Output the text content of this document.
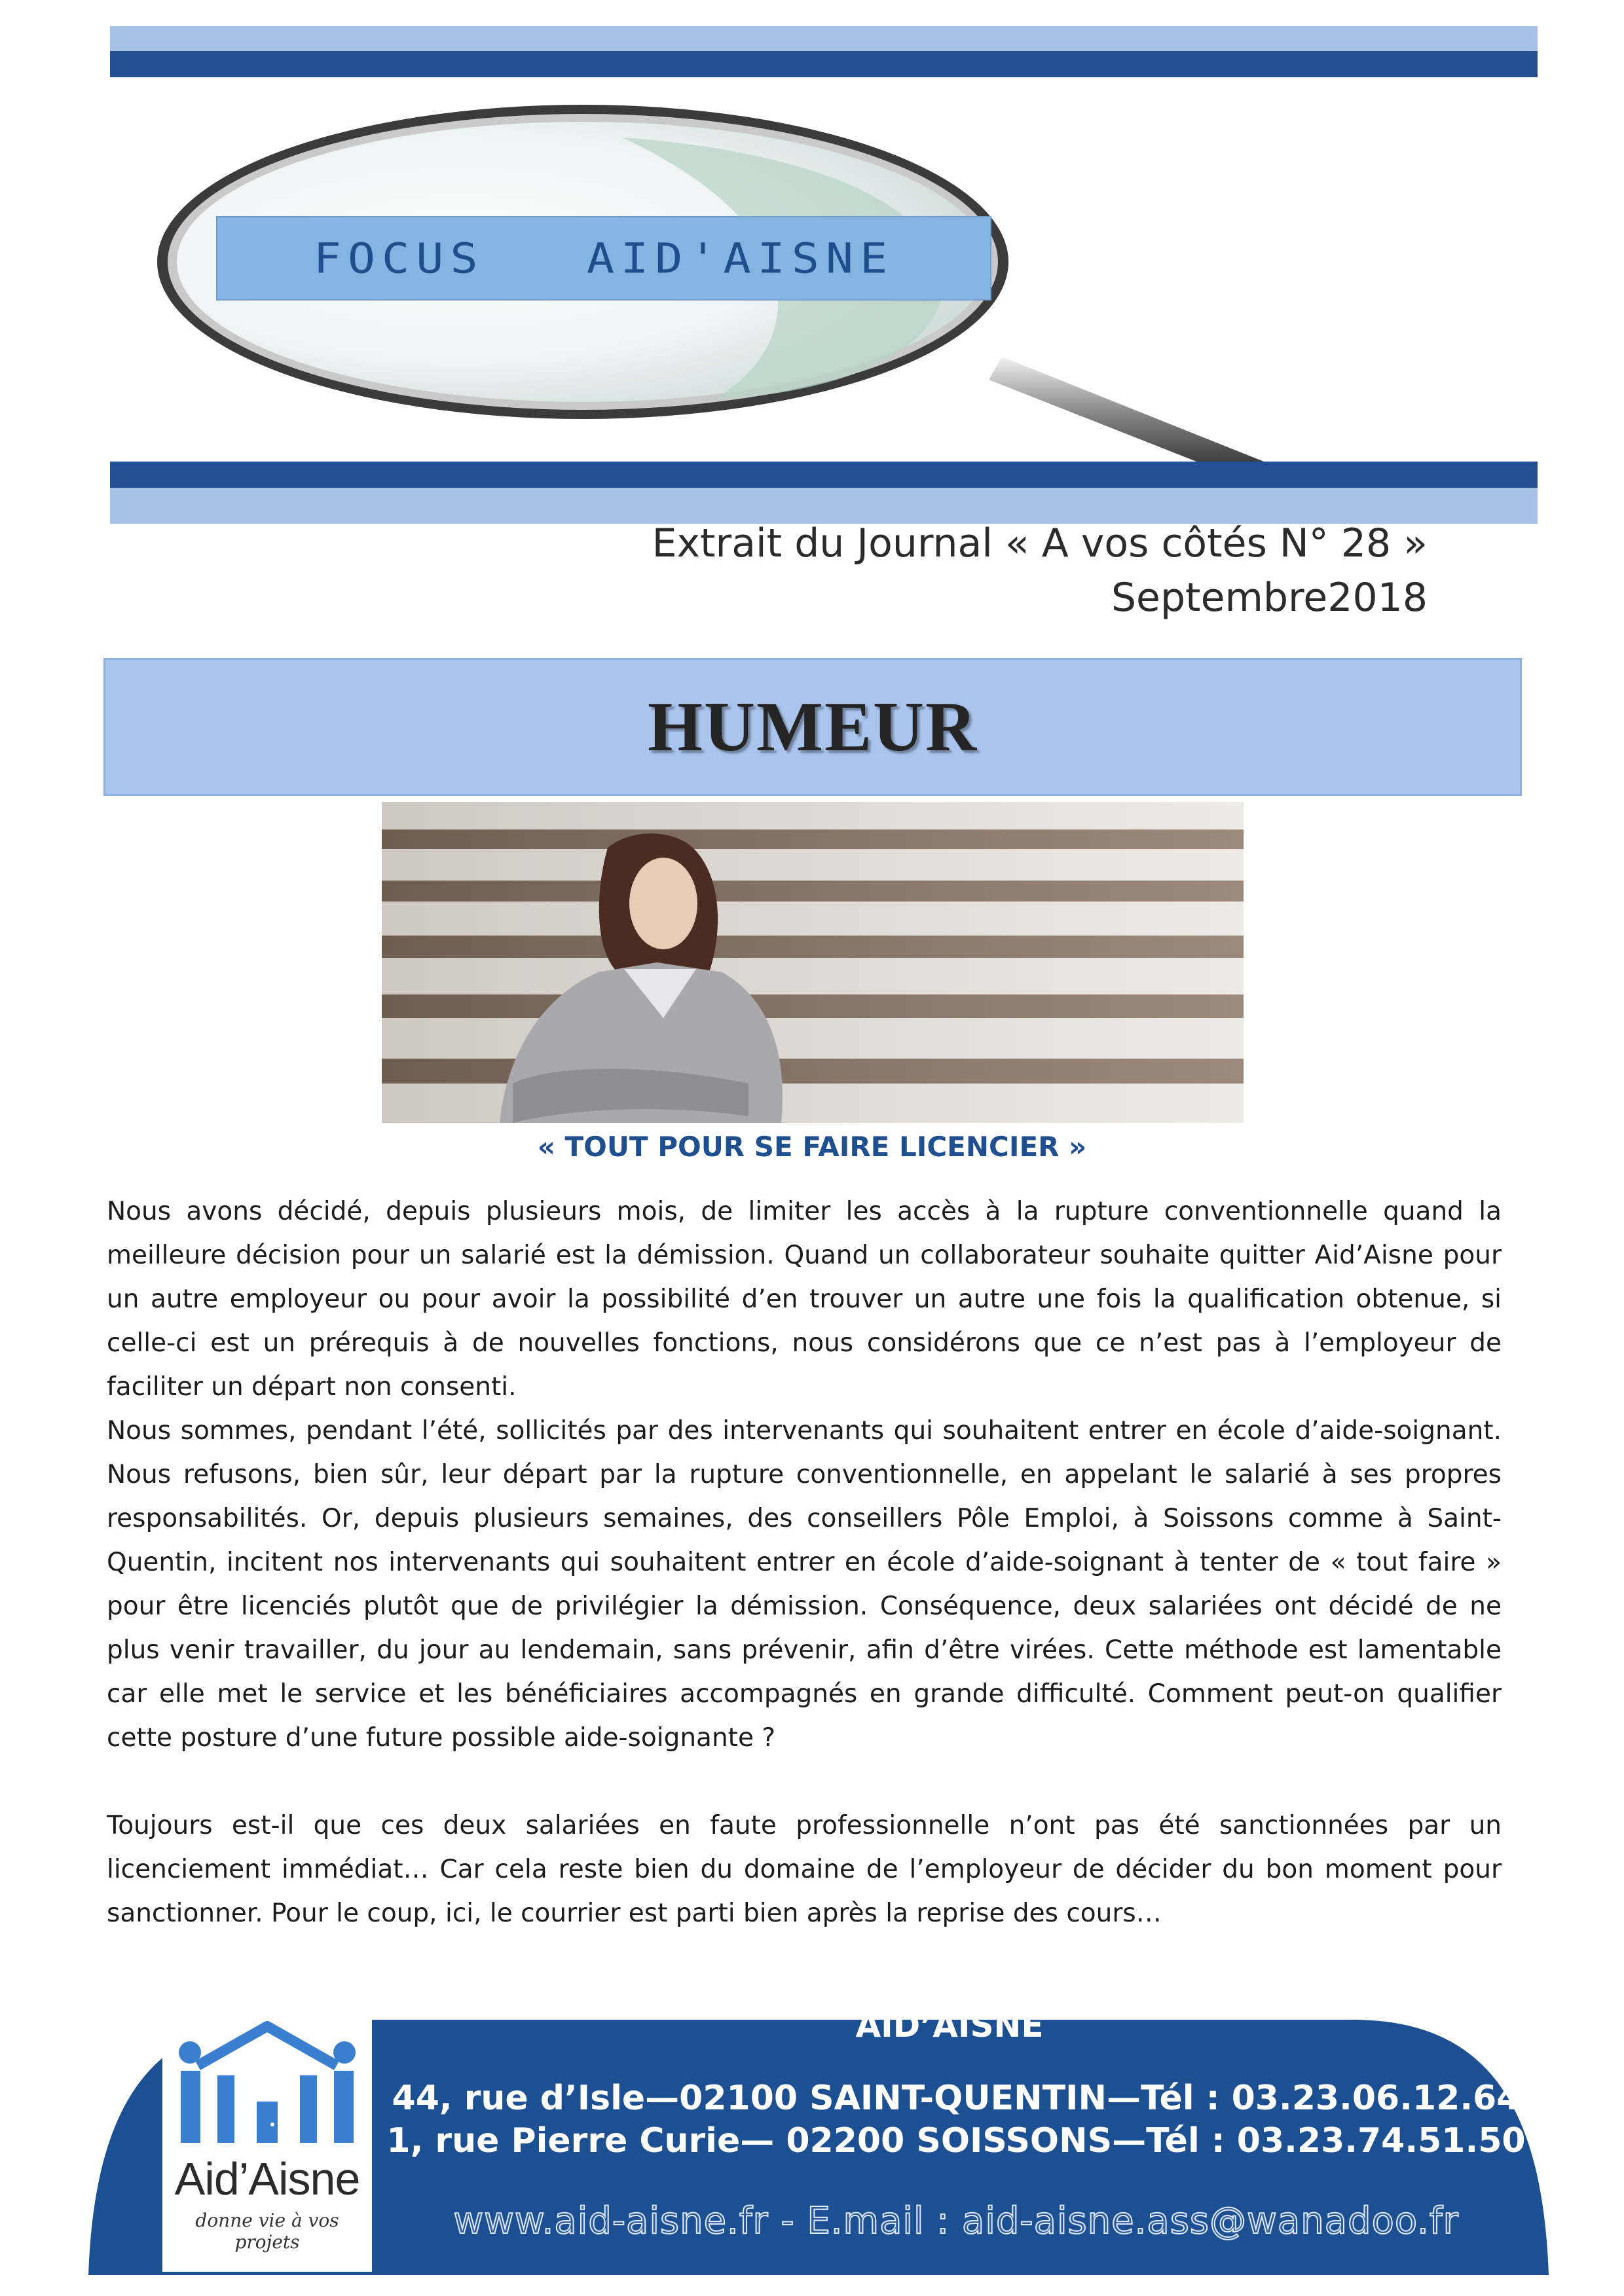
FOCUS   AID'AISNE
Extrait du Journal « A vos côtés N° 28 »
Septembre2018
HUMEUR
« TOUT POUR SE FAIRE LICENCIER »

Nous avons décidé, depuis plusieurs mois, de limiter les accès à la rupture conventionnelle quand la meilleure décision pour un salarié est la démission. Quand un collaborateur souhaite quitter Aid’Aisne pour un autre employeur ou pour avoir la possibilité d’en trouver un autre une fois la qualification obtenue, si celle-ci est un prérequis à de nouvelles fonctions, nous considérons que ce n’est pas à l’employeur de faciliter un départ non consenti.

Nous sommes, pendant l’été, sollicités par des intervenants qui souhaitent entrer en école d’aide-soignant. Nous refusons, bien sûr, leur départ par la rupture conventionnelle, en appelant le salarié à ses propres responsabilités. Or, depuis plusieurs semaines, des conseillers Pôle Emploi, à Soissons comme à Saint-Quentin, incitent nos intervenants qui souhaitent entrer en école d’aide-soignant à tenter de « tout faire » pour être licenciés plutôt que de privilégier la démission. Conséquence, deux salariées ont décidé de ne plus venir travailler, du jour au lendemain, sans prévenir, afin d’être virées. Cette méthode est lamentable car elle met le service et les bénéficiaires accompagnés en grande difficulté. Comment peut-on qualifier cette posture d’une future possible aide-soignante ?

Toujours est-il que ces deux salariées en faute professionnelle n’ont pas été sanctionnées par un licenciement immédiat… Car cela reste bien du domaine de l’employeur de décider du bon moment pour sanctionner. Pour le coup, ici, le courrier est parti bien après la reprise des cours…

Aid’Aisne
donne vie à vos projets
AID’AISNE
44, rue d’Isle—02100 SAINT-QUENTIN—Tél : 03.23.06.12.64
1, rue Pierre Curie— 02200 SOISSONS—Tél : 03.23.74.51.50
www.aid-aisne.fr - E.mail : aid-aisne.ass@wanadoo.fr
